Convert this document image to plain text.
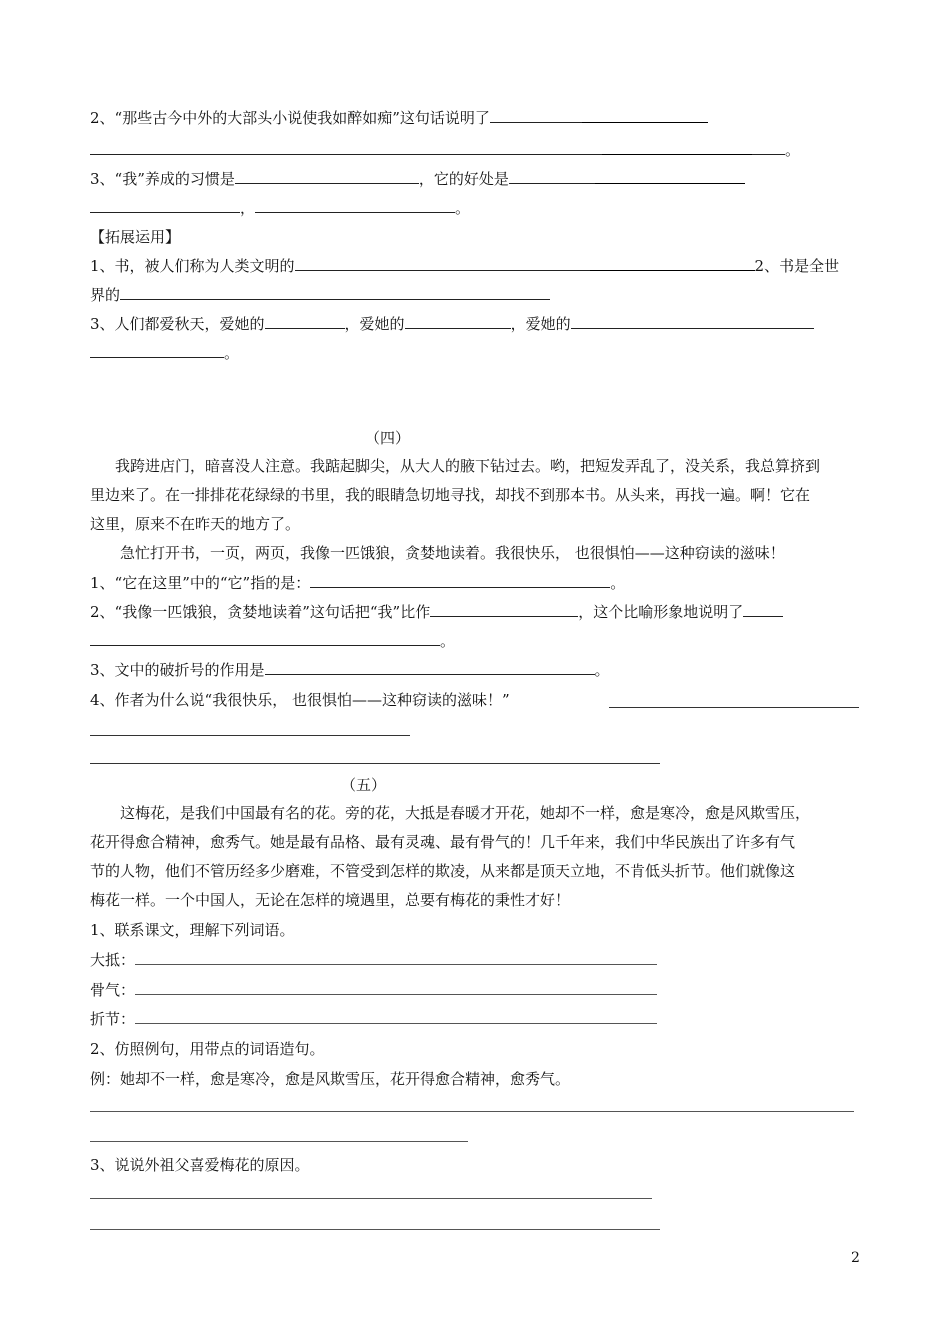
2、“那些古今中外的大部头小说使我如醉如痴”这句话说明了
。
3、“我”养成的习惯是	，它的好处是
，	。
【拓展运用】
1、书，被人们称为人类文明的	2、书是全世
界的
3、人们都爱秋天，爱她的	，爱她的	，爱她的
。
（四）
我跨进店门，暗喜没人注意。我踮起脚尖，从大人的腋下钻过去。哟，把短发弄乱了，没关系，我总算挤到
里边来了。在一排排花花绿绿的书里，我的眼睛急切地寻找，却找不到那本书。从头来，再找一遍。啊！它在
这里，原来不在昨天的地方了。
急忙打开书，一页，两页，我像一匹饿狼，贪婪地读着。我很快乐， 也很惧怕——这种窃读的滋味！
1、“它在这里”中的“它”指的是：	。
2、“我像一匹饿狼，贪婪地读着”这句话把“我”比作	，这个比喻形象地说明了
。
3、文中的破折号的作用是	。
4、作者为什么说“我很快乐， 也很惧怕——这种窃读的滋味！”
（五）
这梅花，是我们中国最有名的花。旁的花，大抵是春暖才开花，她却不一样，愈是寒冷，愈是风欺雪压，
花开得愈合精神，愈秀气。她是最有品格、最有灵魂、最有骨气的！几千年来，我们中华民族出了许多有气
节的人物，他们不管历经多少磨难，不管受到怎样的欺凌，从来都是顶天立地，不肯低头折节。他们就像这
梅花一样。一个中国人，无论在怎样的境遇里，总要有梅花的秉性才好！
1、联系课文，理解下列词语。
大抵：
骨气：
折节：
2、仿照例句，用带点的词语造句。
例：她却不一样，愈是寒冷，愈是风欺雪压，花开得愈合精神，愈秀气。
3、说说外祖父喜爱梅花的原因。
2
